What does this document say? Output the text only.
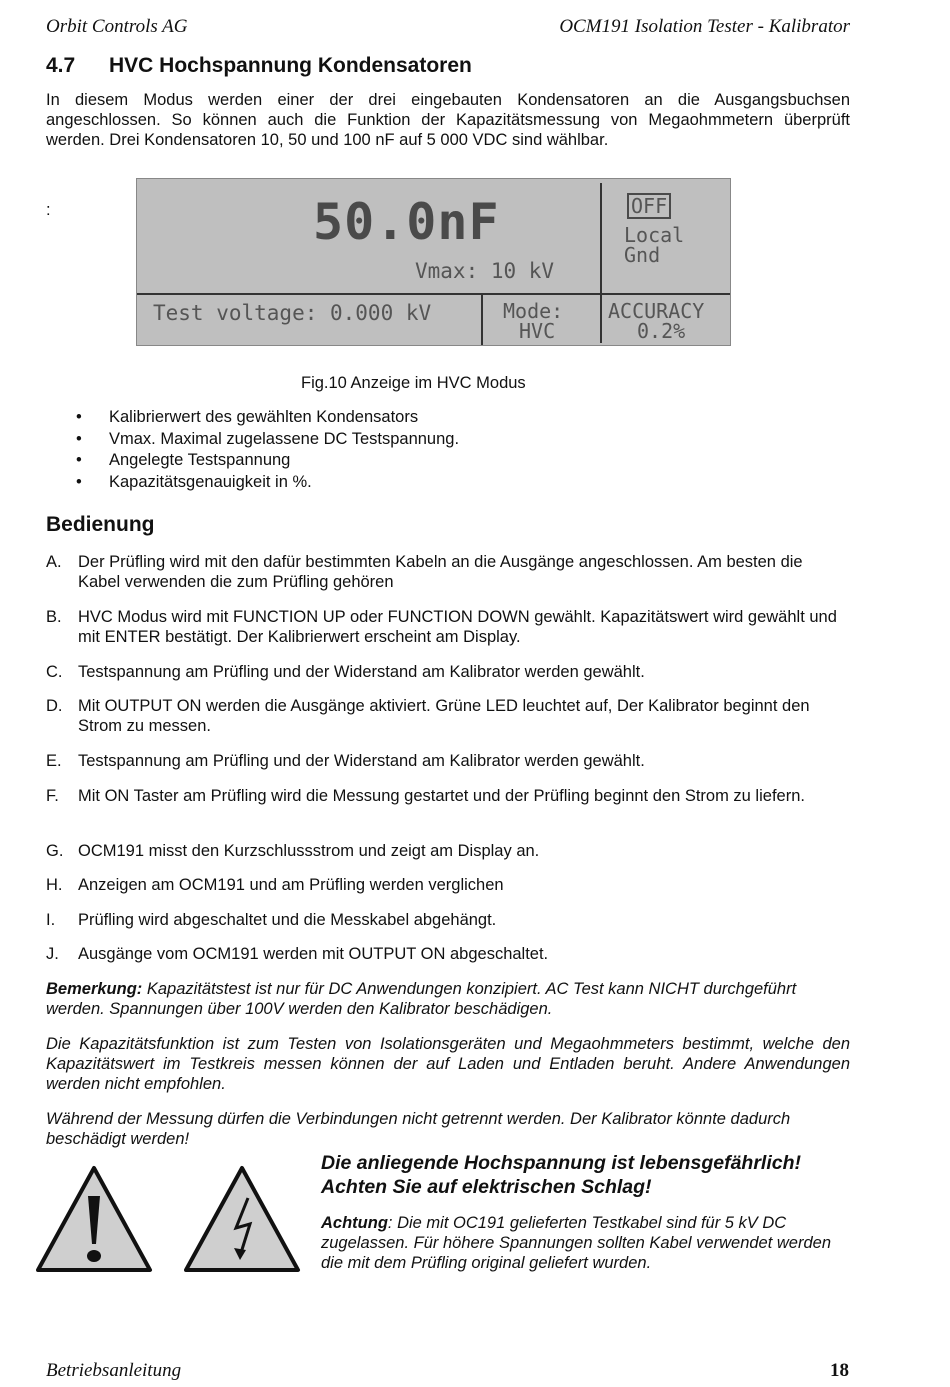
Orbit Controls AG	OCM191 Isolation Tester - Kalibrator
4.7 HVC Hochspannung Kondensatoren
In diesem Modus werden einer der drei eingebauten Kondensatoren an die Ausgangsbuchsen angeschlossen. So können auch die Funktion der Kapazitätsmessung von Megaohmmetern überprüft werden. Drei Kondensatoren 10, 50 und 100 nF auf 5 000 VDC sind wählbar.
:	50.0nF	OFF
Local
Gnd
Vmax: 10 kV
Test voltage: 0.000 kV	Mode:
HVC
ACCURACY
0.2%
Fig.10 Anzeige im HVC Modus
• Kalibrierwert des gewählten Kondensators
• Vmax. Maximal zugelassene DC Testspannung.
• Angelegte Testspannung
• Kapazitätsgenauigkeit in %.
Bedienung
A. Der Prüfling wird mit den dafür bestimmten Kabeln an die Ausgänge angeschlossen. Am besten die Kabel verwenden die zum Prüfling gehören
B. HVC Modus wird mit FUNCTION UP oder FUNCTION DOWN gewählt. Kapazitätswert wird gewählt und mit ENTER bestätigt. Der Kalibrierwert erscheint am Display.
C. Testspannung am Prüfling und der Widerstand am Kalibrator werden gewählt.
D. Mit OUTPUT ON werden die Ausgänge aktiviert. Grüne LED leuchtet auf, Der Kalibrator beginnt den Strom zu messen.
E. Testspannung am Prüfling und der Widerstand am Kalibrator werden gewählt.
F. Mit ON Taster am Prüfling wird die Messung gestartet und der Prüfling beginnt den Strom zu liefern.
G. OCM191 misst den Kurzschlussstrom und zeigt am Display an.
H. Anzeigen am OCM191 und am Prüfling werden verglichen
I. Prüfling wird abgeschaltet und die Messkabel abgehängt.
J. Ausgänge vom OCM191 werden mit OUTPUT ON abgeschaltet.
Bemerkung: Kapazitätstest ist nur für DC Anwendungen konzipiert. AC Test kann NICHT durchgeführt werden. Spannungen über 100V werden den Kalibrator beschädigen.
Die Kapazitätsfunktion ist zum Testen von Isolationsgeräten und Megaohmmeters bestimmt, welche den Kapazitätswert im Testkreis messen können der auf Laden und Entladen beruht. Andere Anwendungen werden nicht empfohlen.
Während der Messung dürfen die Verbindungen nicht getrennt werden. Der Kalibrator könnte dadurch beschädigt werden!
Die anliegende Hochspannung ist lebensgefährlich!
Achten Sie auf elektrischen Schlag!
Achtung: Die mit OC191 gelieferten Testkabel sind für 5 kV DC zugelassen. Für höhere Spannungen sollten Kabel verwendet werden die mit dem Prüfling original geliefert wurden.
Betriebsanleitung	18
